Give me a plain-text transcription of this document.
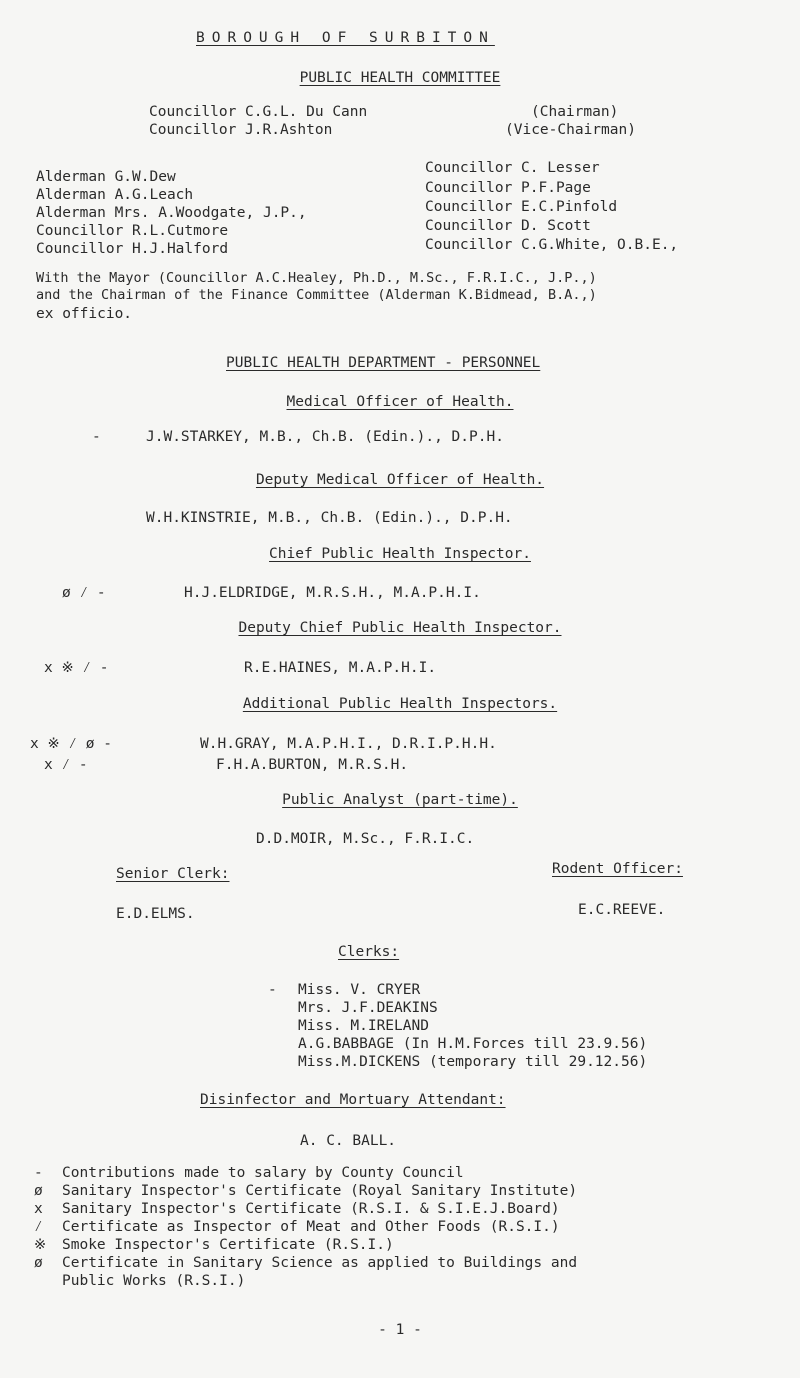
BOROUGH OF SURBITON
PUBLIC HEALTH COMMITTEE
Councillor C.G.L. Du Cann	(Chairman)
Councillor J.R.Ashton	(Vice-Chairman)
Alderman G.W.Dew
Alderman A.G.Leach
Alderman Mrs. A.Woodgate, J.P.,
Councillor R.L.Cutmore
Councillor H.J.Halford
Councillor C. Lesser
Councillor P.F.Page
Councillor E.C.Pinfold
Councillor D. Scott
Councillor C.G.White, O.B.E.,
With the Mayor (Councillor A.C.Healey, Ph.D., M.Sc., F.R.I.C., J.P.,)
and the Chairman of the Finance Committee (Alderman K.Bidmead, B.A.,)
ex officio.
PUBLIC HEALTH DEPARTMENT - PERSONNEL
Medical Officer of Health.
-	J.W.STARKEY, M.B., Ch.B. (Edin.)., D.P.H.
Deputy Medical Officer of Health.
W.H.KINSTRIE, M.B., Ch.B. (Edin.)., D.P.H.
Chief Public Health Inspector.
ø ⁄ -	H.J.ELDRIDGE, M.R.S.H., M.A.P.H.I.
Deputy Chief Public Health Inspector.
x ※ ⁄ -	R.E.HAINES, M.A.P.H.I.
Additional Public Health Inspectors.
x ※ ⁄ ø -	W.H.GRAY, M.A.P.H.I., D.R.I.P.H.H.
x ⁄ -	F.H.A.BURTON, M.R.S.H.
Public Analyst (part-time).
D.D.MOIR, M.Sc., F.R.I.C.
Senior Clerk:	Rodent Officer:
E.D.ELMS.	E.C.REEVE.
Clerks:
- Miss. V. CRYER
Mrs. J.F.DEAKINS
Miss. M.IRELAND
A.G.BABBAGE (In H.M.Forces till 23.9.56)
Miss.M.DICKENS (temporary till 29.12.56)
Disinfector and Mortuary Attendant:
A. C. BALL.
- Contributions made to salary by County Council
ø Sanitary Inspector's Certificate (Royal Sanitary Institute)
x Sanitary Inspector's Certificate (R.S.I. & S.I.E.J.Board)
⁄ Certificate as Inspector of Meat and Other Foods (R.S.I.)
※ Smoke Inspector's Certificate (R.S.I.)
ø Certificate in Sanitary Science as applied to Buildings and
Public Works (R.S.I.)
- 1 -
